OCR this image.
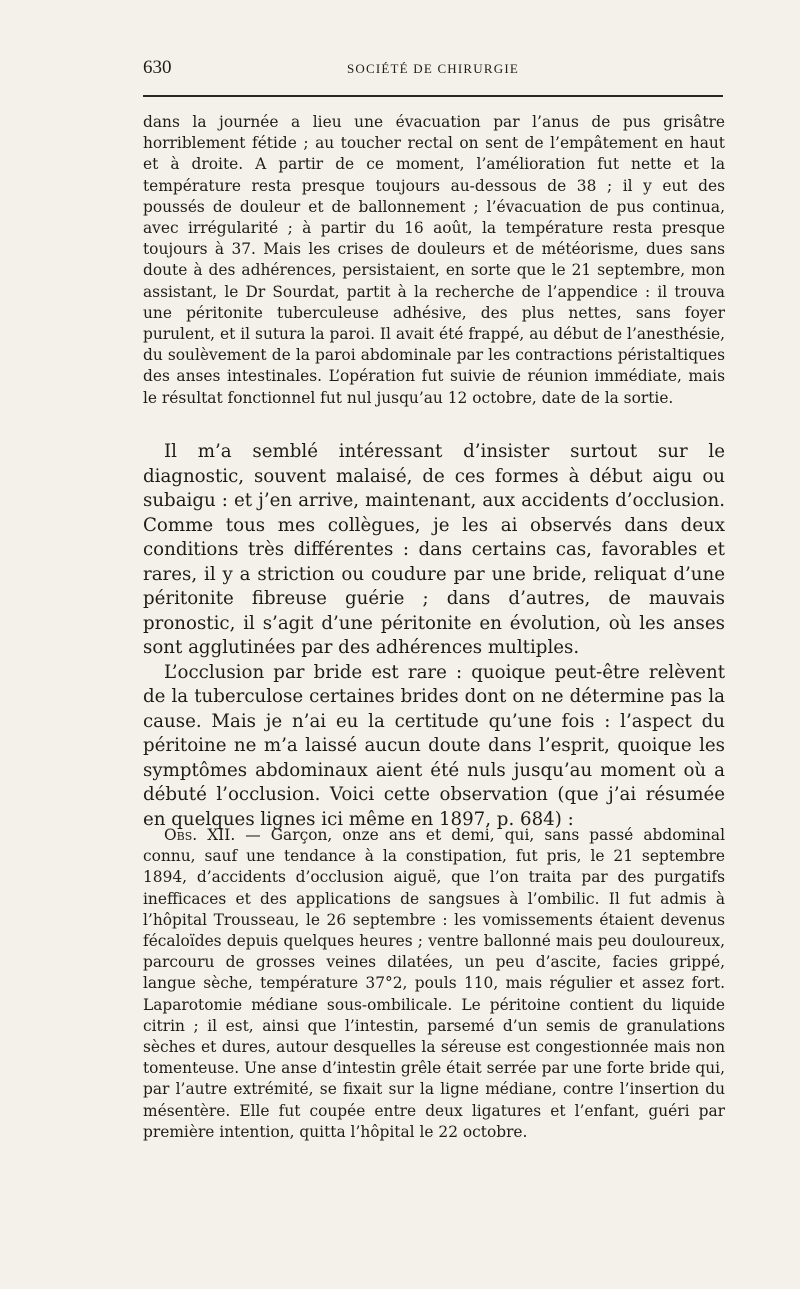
630	SOCIÉTÉ DE CHIRURGIE

dans la journée a lieu une évacuation par l’anus de pus grisâtre horriblement fétide ; au toucher rectal on sent de l’empâtement en haut et à droite. A partir de ce moment, l’amélioration fut nette et la température resta presque toujours au-dessous de 38 ; il y eut des poussés de douleur et de ballonnement ; l’évacuation de pus continua, avec irrégularité ; à partir du 16 août, la température resta presque toujours à 37. Mais les crises de douleurs et de météorisme, dues sans doute à des adhérences, persistaient, en sorte que le 21 septembre, mon assistant, le Dr Sourdat, partit à la recherche de l’appendice : il trouva une péritonite tuberculeuse adhésive, des plus nettes, sans foyer purulent, et il sutura la paroi. Il avait été frappé, au début de l’anesthésie, du soulèvement de la paroi abdominale par les contractions péristaltiques des anses intestinales. L’opération fut suivie de réunion immédiate, mais le résultat fonctionnel fut nul jusqu’au 12 octobre, date de la sortie.

Il m’a semblé intéressant d’insister surtout sur le diagnostic, souvent malaisé, de ces formes à début aigu ou subaigu : et j’en arrive, maintenant, aux accidents d’occlusion. Comme tous mes collègues, je les ai observés dans deux conditions très différentes : dans certains cas, favorables et rares, il y a striction ou coudure par une bride, reliquat d’une péritonite fibreuse guérie ; dans d’autres, de mauvais pronostic, il s’agit d’une péritonite en évolution, où les anses sont agglutinées par des adhérences multiples.

L’occlusion par bride est rare : quoique peut-être relèvent de la tuberculose certaines brides dont on ne détermine pas la cause. Mais je n’ai eu la certitude qu’une fois : l’aspect du péritoine ne m’a laissé aucun doute dans l’esprit, quoique les symptômes abdominaux aient été nuls jusqu’au moment où a débuté l’occlusion. Voici cette observation (que j’ai résumée en quelques lignes ici même en 1897, p. 684) :

Obs. XII. — Garçon, onze ans et demi, qui, sans passé abdominal connu, sauf une tendance à la constipation, fut pris, le 21 septembre 1894, d’accidents d’occlusion aiguë, que l’on traita par des purgatifs inefficaces et des applications de sangsues à l’ombilic. Il fut admis à l’hôpital Trousseau, le 26 septembre : les vomissements étaient devenus fécaloïdes depuis quelques heures ; ventre ballonné mais peu douloureux, parcouru de grosses veines dilatées, un peu d’ascite, facies grippé, langue sèche, température 37°2, pouls 110, mais régulier et assez fort. Laparotomie médiane sous-ombilicale. Le péritoine contient du liquide citrin ; il est, ainsi que l’intestin, parsemé d’un semis de granulations sèches et dures, autour desquelles la séreuse est congestionnée mais non tomenteuse. Une anse d’intestin grêle était serrée par une forte bride qui, par l’autre extrémité, se fixait sur la ligne médiane, contre l’insertion du mésentère. Elle fut coupée entre deux ligatures et l’enfant, guéri par première intention, quitta l’hôpital le 22 octobre.
